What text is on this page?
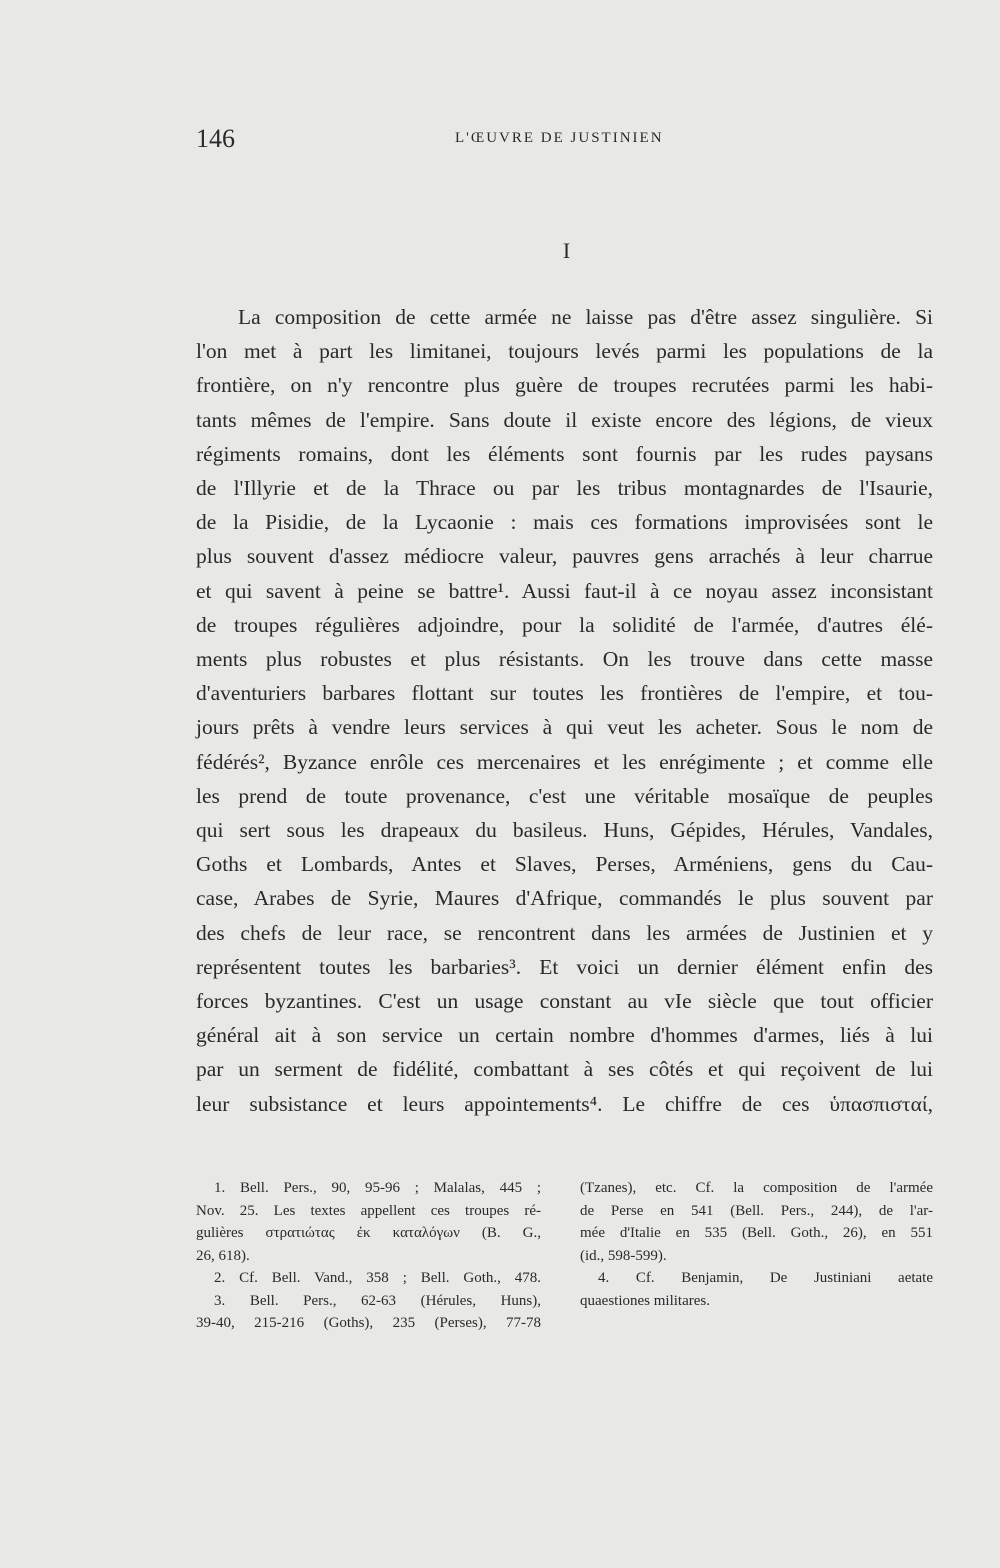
146	L'ŒUVRE DE JUSTINIEN
I
La composition de cette armée ne laisse pas d'être assez singulière. Si
l'on met à part les limitanei, toujours levés parmi les populations de la
frontière, on n'y rencontre plus guère de troupes recrutées parmi les habi-
tants mêmes de l'empire. Sans doute il existe encore des légions, de vieux
régiments romains, dont les éléments sont fournis par les rudes paysans
de l'Illyrie et de la Thrace ou par les tribus montagnardes de l'Isaurie,
de la Pisidie, de la Lycaonie : mais ces formations improvisées sont le
plus souvent d'assez médiocre valeur, pauvres gens arrachés à leur charrue
et qui savent à peine se battre¹. Aussi faut-il à ce noyau assez inconsistant
de troupes régulières adjoindre, pour la solidité de l'armée, d'autres élé-
ments plus robustes et plus résistants. On les trouve dans cette masse
d'aventuriers barbares flottant sur toutes les frontières de l'empire, et tou-
jours prêts à vendre leurs services à qui veut les acheter. Sous le nom de
fédérés², Byzance enrôle ces mercenaires et les enrégimente ; et comme elle
les prend de toute provenance, c'est une véritable mosaïque de peuples
qui sert sous les drapeaux du basileus. Huns, Gépides, Hérules, Vandales,
Goths et Lombards, Antes et Slaves, Perses, Arméniens, gens du Cau-
case, Arabes de Syrie, Maures d'Afrique, commandés le plus souvent par
des chefs de leur race, se rencontrent dans les armées de Justinien et y
représentent toutes les barbaries³. Et voici un dernier élément enfin des
forces byzantines. C'est un usage constant au vIe siècle que tout officier
général ait à son service un certain nombre d'hommes d'armes, liés à lui
par un serment de fidélité, combattant à ses côtés et qui reçoivent de lui
leur subsistance et leurs appointements⁴. Le chiffre de ces ὑπασπισταί,
1. Bell. Pers., 90, 95-96 ; Malalas, 445 ;
Nov. 25. Les textes appellent ces troupes ré-
gulières στρατιώτας ἐκ καταλόγων (B. G.,
26, 618).
2. Cf. Bell. Vand., 358 ; Bell. Goth., 478.
3. Bell. Pers., 62-63 (Hérules, Huns),
39-40, 215-216 (Goths), 235 (Perses), 77-78
(Tzanes), etc. Cf. la composition de l'armée
de Perse en 541 (Bell. Pers., 244), de l'ar-
mée d'Italie en 535 (Bell. Goth., 26), en 551
(id., 598-599).
4. Cf. Benjamin, De Justiniani aetate
quaestiones militares.
